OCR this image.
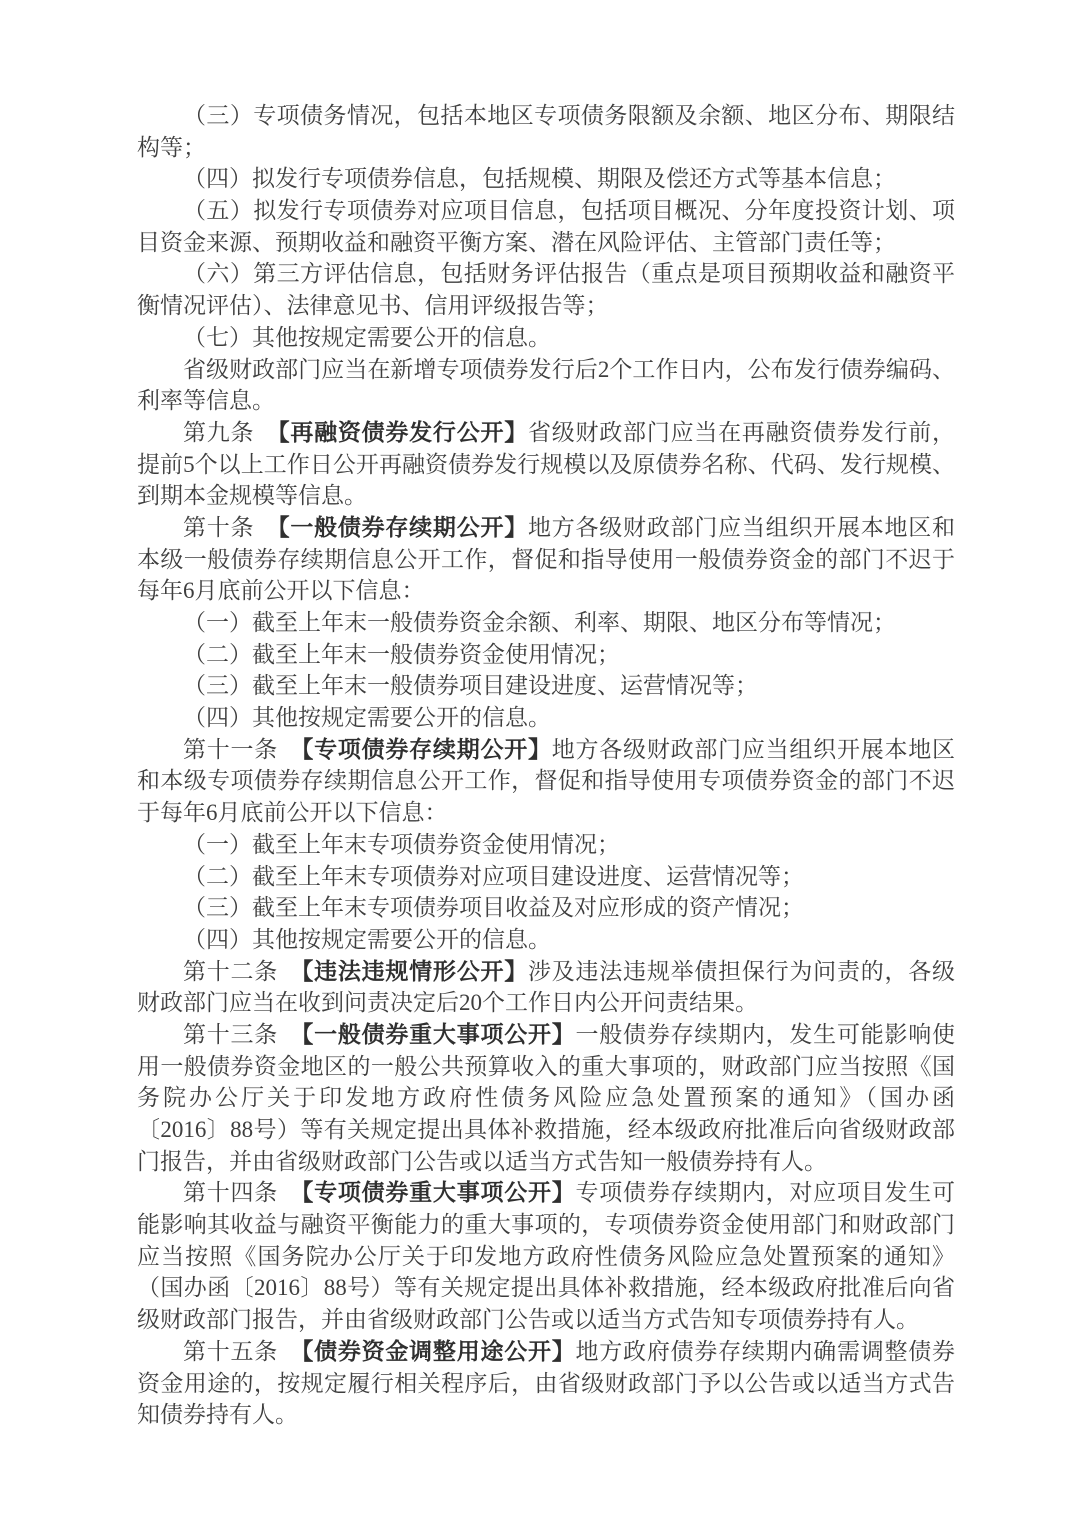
（三）专项债务情况，包括本地区专项债务限额及余额、地区分布、期限结
构等；
（四）拟发行专项债券信息，包括规模、期限及偿还方式等基本信息；
（五）拟发行专项债券对应项目信息，包括项目概况、分年度投资计划、项
目资金来源、预期收益和融资平衡方案、潜在风险评估、主管部门责任等；
（六）第三方评估信息，包括财务评估报告（重点是项目预期收益和融资平
衡情况评估）、法律意见书、信用评级报告等；
（七）其他按规定需要公开的信息。
省级财政部门应当在新增专项债券发行后2个工作日内，公布发行债券编码、
利率等信息。
第九条　【再融资债券发行公开】省级财政部门应当在再融资债券发行前，
提前5个以上工作日公开再融资债券发行规模以及原债券名称、代码、发行规模、
到期本金规模等信息。
第十条　【一般债券存续期公开】地方各级财政部门应当组织开展本地区和
本级一般债券存续期信息公开工作，督促和指导使用一般债券资金的部门不迟于
每年6月底前公开以下信息：
（一）截至上年末一般债券资金余额、利率、期限、地区分布等情况；
（二）截至上年末一般债券资金使用情况；
（三）截至上年末一般债券项目建设进度、运营情况等；
（四）其他按规定需要公开的信息。
第十一条　【专项债券存续期公开】地方各级财政部门应当组织开展本地区
和本级专项债券存续期信息公开工作，督促和指导使用专项债券资金的部门不迟
于每年6月底前公开以下信息：
（一）截至上年末专项债券资金使用情况；
（二）截至上年末专项债券对应项目建设进度、运营情况等；
（三）截至上年末专项债券项目收益及对应形成的资产情况；
（四）其他按规定需要公开的信息。
第十二条　【违法违规情形公开】涉及违法违规举债担保行为问责的，各级
财政部门应当在收到问责决定后20个工作日内公开问责结果。
第十三条　【一般债券重大事项公开】一般债券存续期内，发生可能影响使
用一般债券资金地区的一般公共预算收入的重大事项的，财政部门应当按照《国
务院办公厅关于印发地方政府性债务风险应急处置预案的通知》（国办函
〔2016〕88号）等有关规定提出具体补救措施，经本级政府批准后向省级财政部
门报告，并由省级财政部门公告或以适当方式告知一般债券持有人。
第十四条　【专项债券重大事项公开】专项债券存续期内，对应项目发生可
能影响其收益与融资平衡能力的重大事项的，专项债券资金使用部门和财政部门
应当按照《国务院办公厅关于印发地方政府性债务风险应急处置预案的通知》
（国办函〔2016〕88号）等有关规定提出具体补救措施，经本级政府批准后向省
级财政部门报告，并由省级财政部门公告或以适当方式告知专项债券持有人。
第十五条　【债券资金调整用途公开】地方政府债券存续期内确需调整债券
资金用途的，按规定履行相关程序后，由省级财政部门予以公告或以适当方式告
知债券持有人。
